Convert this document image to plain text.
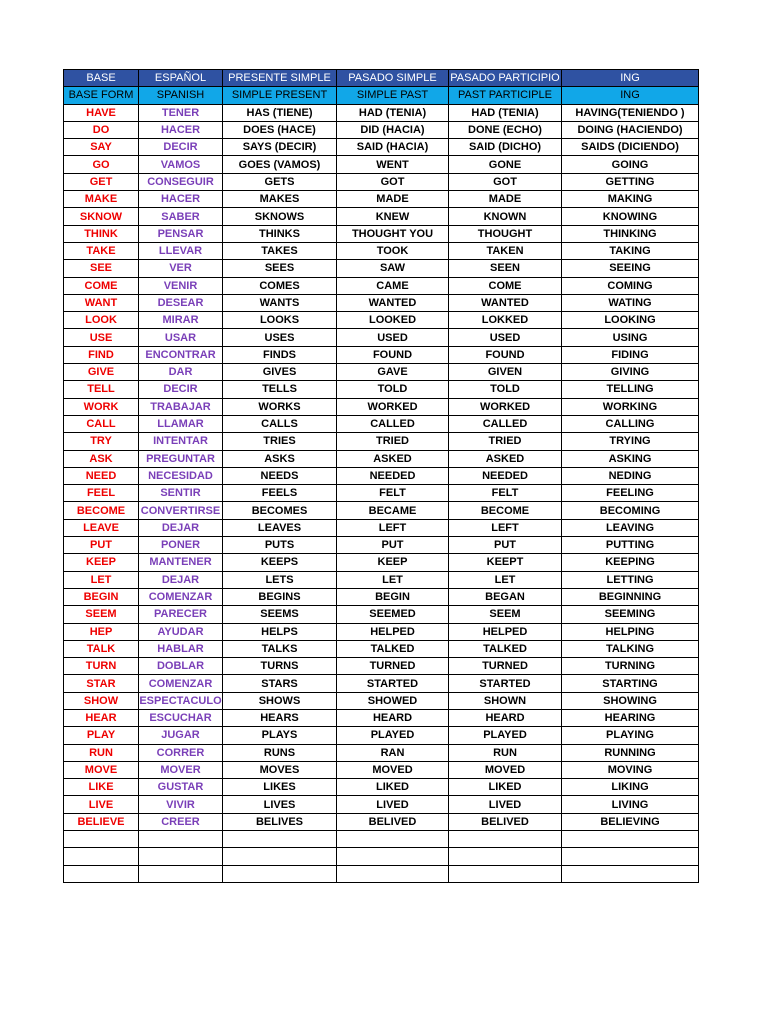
BASE	ESPAÑOL	PRESENTE SIMPLE	PASADO SIMPLE	PASADO PARTICIPIO	ING
BASE FORM	SPANISH	SIMPLE PRESENT	SIMPLE PAST	PAST PARTICIPLE	ING
HAVE	TENER	HAS (TIENE)	HAD (TENIA)	HAD (TENIA)	HAVING(TENIENDO )
DO	HACER	DOES (HACE)	DID (HACIA)	DONE (ECHO)	DOING (HACIENDO)
SAY	DECIR	SAYS (DECIR)	SAID (HACIA)	SAID (DICHO)	SAIDS (DICIENDO)
GO	VAMOS	GOES (VAMOS)	WENT	GONE	GOING
GET	CONSEGUIR	GETS	GOT	GOT	GETTING
MAKE	HACER	MAKES	MADE	MADE	MAKING
SKNOW	SABER	SKNOWS	KNEW	KNOWN	KNOWING
THINK	PENSAR	THINKS	THOUGHT YOU	THOUGHT	THINKING
TAKE	LLEVAR	TAKES	TOOK	TAKEN	TAKING
SEE	VER	SEES	SAW	SEEN	SEEING
COME	VENIR	COMES	CAME	COME	COMING
WANT	DESEAR	WANTS	WANTED	WANTED	WATING
LOOK	MIRAR	LOOKS	LOOKED	LOKKED	LOOKING
USE	USAR	USES	USED	USED	USING
FIND	ENCONTRAR	FINDS	FOUND	FOUND	FIDING
GIVE	DAR	GIVES	GAVE	GIVEN	GIVING
TELL	DECIR	TELLS	TOLD	TOLD	TELLING
WORK	TRABAJAR	WORKS	WORKED	WORKED	WORKING
CALL	LLAMAR	CALLS	CALLED	CALLED	CALLING
TRY	INTENTAR	TRIES	TRIED	TRIED	TRYING
ASK	PREGUNTAR	ASKS	ASKED	ASKED	ASKING
NEED	NECESIDAD	NEEDS	NEEDED	NEEDED	NEDING
FEEL	SENTIR	FEELS	FELT	FELT	FEELING
BECOME	CONVERTIRSE	BECOMES	BECAME	BECOME	BECOMING
LEAVE	DEJAR	LEAVES	LEFT	LEFT	LEAVING
PUT	PONER	PUTS	PUT	PUT	PUTTING
KEEP	MANTENER	KEEPS	KEEP	KEEPT	KEEPING
LET	DEJAR	LETS	LET	LET	LETTING
BEGIN	COMENZAR	BEGINS	BEGIN	BEGAN	BEGINNING
SEEM	PARECER	SEEMS	SEEMED	SEEM	SEEMING
HEP	AYUDAR	HELPS	HELPED	HELPED	HELPING
TALK	HABLAR	TALKS	TALKED	TALKED	TALKING
TURN	DOBLAR	TURNS	TURNED	TURNED	TURNING
STAR	COMENZAR	STARS	STARTED	STARTED	STARTING
SHOW	ESPECTACULO	SHOWS	SHOWED	SHOWN	SHOWING
HEAR	ESCUCHAR	HEARS	HEARD	HEARD	HEARING
PLAY	JUGAR	PLAYS	PLAYED	PLAYED	PLAYING
RUN	CORRER	RUNS	RAN	RUN	RUNNING
MOVE	MOVER	MOVES	MOVED	MOVED	MOVING
LIKE	GUSTAR	LIKES	LIKED	LIKED	LIKING
LIVE	VIVIR	LIVES	LIVED	LIVED	LIVING
BELIEVE	CREER	BELIVES	BELIVED	BELIVED	BELIEVING
